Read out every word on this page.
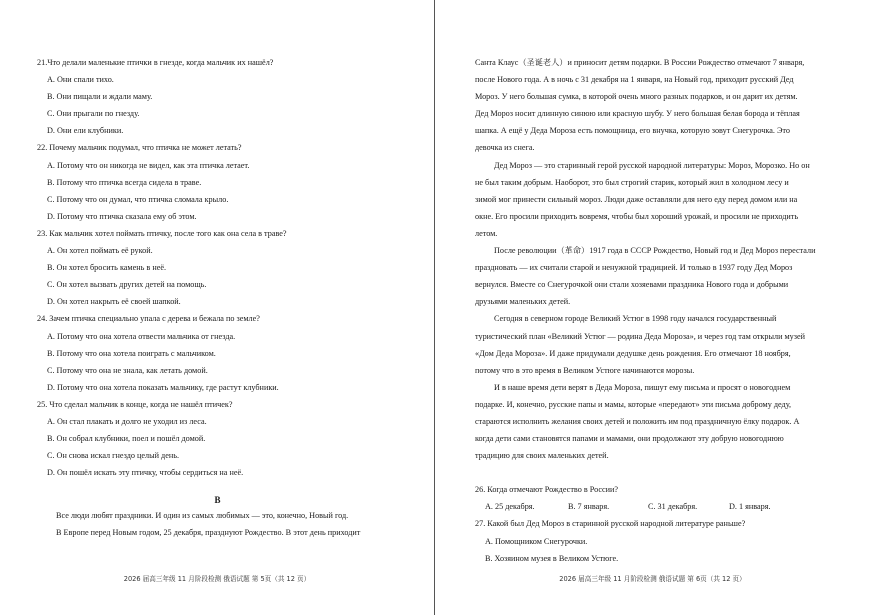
21.Что делали маленькие птички в гнезде, когда мальчик их нашёл?
A. Они спали тихо.
B. Они пищали и ждали маму.
C. Они прыгали по гнезду.
D. Они ели клубники.
22. Почему мальчик подумал, что птичка не может летать?
A. Потому что он никогда не видел, как эта птичка летает.
B. Потому что птичка всегда сидела в траве.
C. Потому что он думал, что птичка сломала крыло.
D. Потому что птичка сказала ему об этом.
23. Как мальчик хотел поймать птичку, после того как она села в траве?
A. Он хотел поймать её рукой.
B. Он хотел бросить камень в неё.
C. Он хотел вызвать других детей на помощь.
D. Он хотел накрыть её своей шапкой.
24. Зачем птичка специально упала с дерева и бежала по земле?
A. Потому что она хотела отвести мальчика от гнезда.
B. Потому что она хотела поиграть с мальчиком.
C. Потому что она не знала, как летать домой.
D. Потому что она хотела показать мальчику, где растут клубники.
25. Что сделал мальчик в конце, когда не нашёл птичек?
A. Он стал плакать и долго не уходил из леса.
B. Он собрал клубники, поел и пошёл домой.
C. Он снова искал гнездо целый день.
D. Он пошёл искать эту птичку, чтобы сердиться на неё.
B
Все люди любят праздники. И один из самых любимых — это, конечно, Новый год.
В Европе перед Новым годом, 25 декабря, празднуют Рождество. В этот день приходит
2026 届高三年级 11 月阶段检测 俄语试题 第 5页（共 12 页）
Санта Клаус（圣诞老人）и приносит детям подарки. В России Рождество отмечают 7 января,
после Нового года. А в ночь с 31 декабря на 1 января, на Новый год, приходит русский Дед
Мороз. У него большая сумка, в которой очень много разных подарков, и он дарит их детям.
Дед Мороз носит длинную синюю или красную шубу. У него большая белая борода и тёплая
шапка. А ещё у Деда Мороза есть помощница, его внучка, которую зовут Снегурочка. Это
девочка из снега.
Дед Мороз — это старинный герой русской народной литературы: Мороз, Морозко. Но он
не был таким добрым. Наоборот, это был строгий старик, который жил в холодном лесу и
зимой мог принести сильный мороз. Люди даже оставляли для него еду перед домом или на
окне. Его просили приходить вовремя, чтобы был хороший урожай, и просили не приходить
летом.
После революции（革命）1917 года в СССР Рождество, Новый год и Дед Мороз перестали
праздновать — их считали старой и ненужной традицией. И только в 1937 году Дед Мороз
вернулся. Вместе со Снегурочкой они стали хозяевами праздника Нового года и добрыми
друзьями маленьких детей.
Сегодня в северном городе Великий Устюг в 1998 году начался государственный
туристический план «Великий Устюг — родина Деда Мороза», и через год там открыли музей
«Дом Деда Мороза». И даже придумали дедушке день рождения. Его отмечают 18 ноября,
потому что в это время в Великом Устюге начинаются морозы.
И в наше время дети верят в Деда Мороза, пишут ему письма и просят о новогоднем
подарке. И, конечно, русские папы и мамы, которые «передают» эти письма доброму деду,
стараются исполнить желания своих детей и положить им под праздничную ёлку подарок. А
когда дети сами становятся папами и мамами, они продолжают эту добрую новогоднюю
традицию для своих маленьких детей.
26. Когда отмечают Рождество в России?
A. 25 декабря.	B. 7 января.	C. 31 декабря.	D. 1 января.
27. Какой был Дед Мороз в старинной русской народной литературе раньше?
A. Помощником Снегурочки.
B. Хозяином музея в Великом Устюге.
2026 届高三年级 11 月阶段检测 俄语试题 第 6页（共 12 页）
